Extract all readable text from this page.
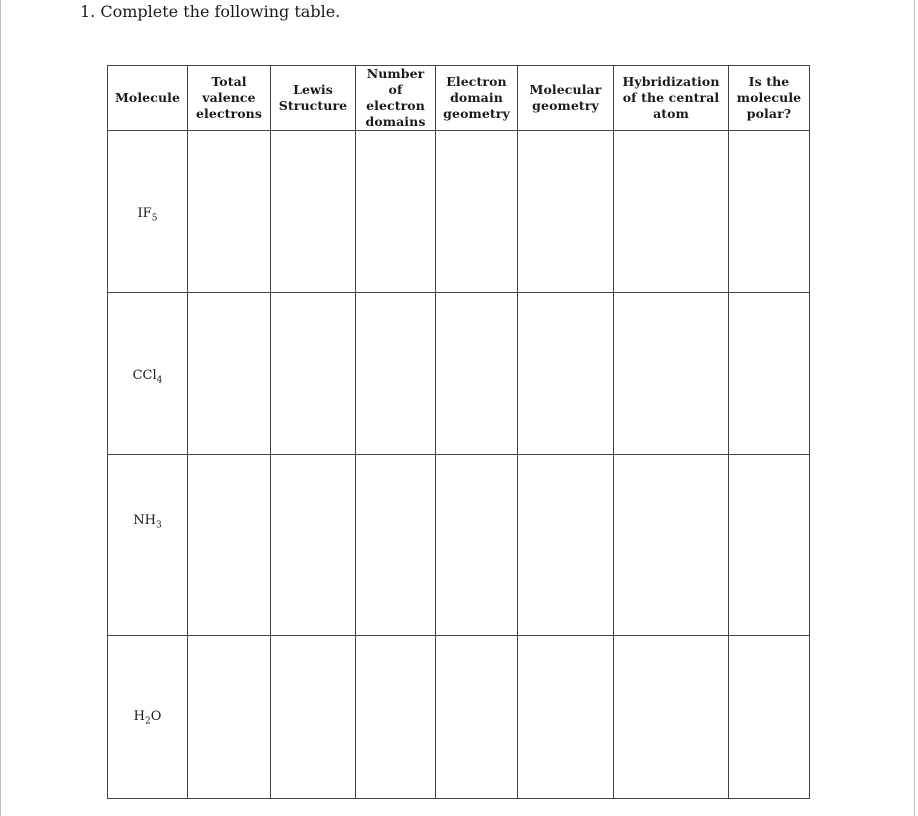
1. Complete the following table.
Molecule	Total
valence
electrons	Lewis
Structure	Number
of
electron
domains	Electron
domain
geometry	Molecular
geometry	Hybridization
of the central
atom	Is the
molecule
polar?

$IF_5$

CCl$_4$

$NH_3$

$H_2O$							
